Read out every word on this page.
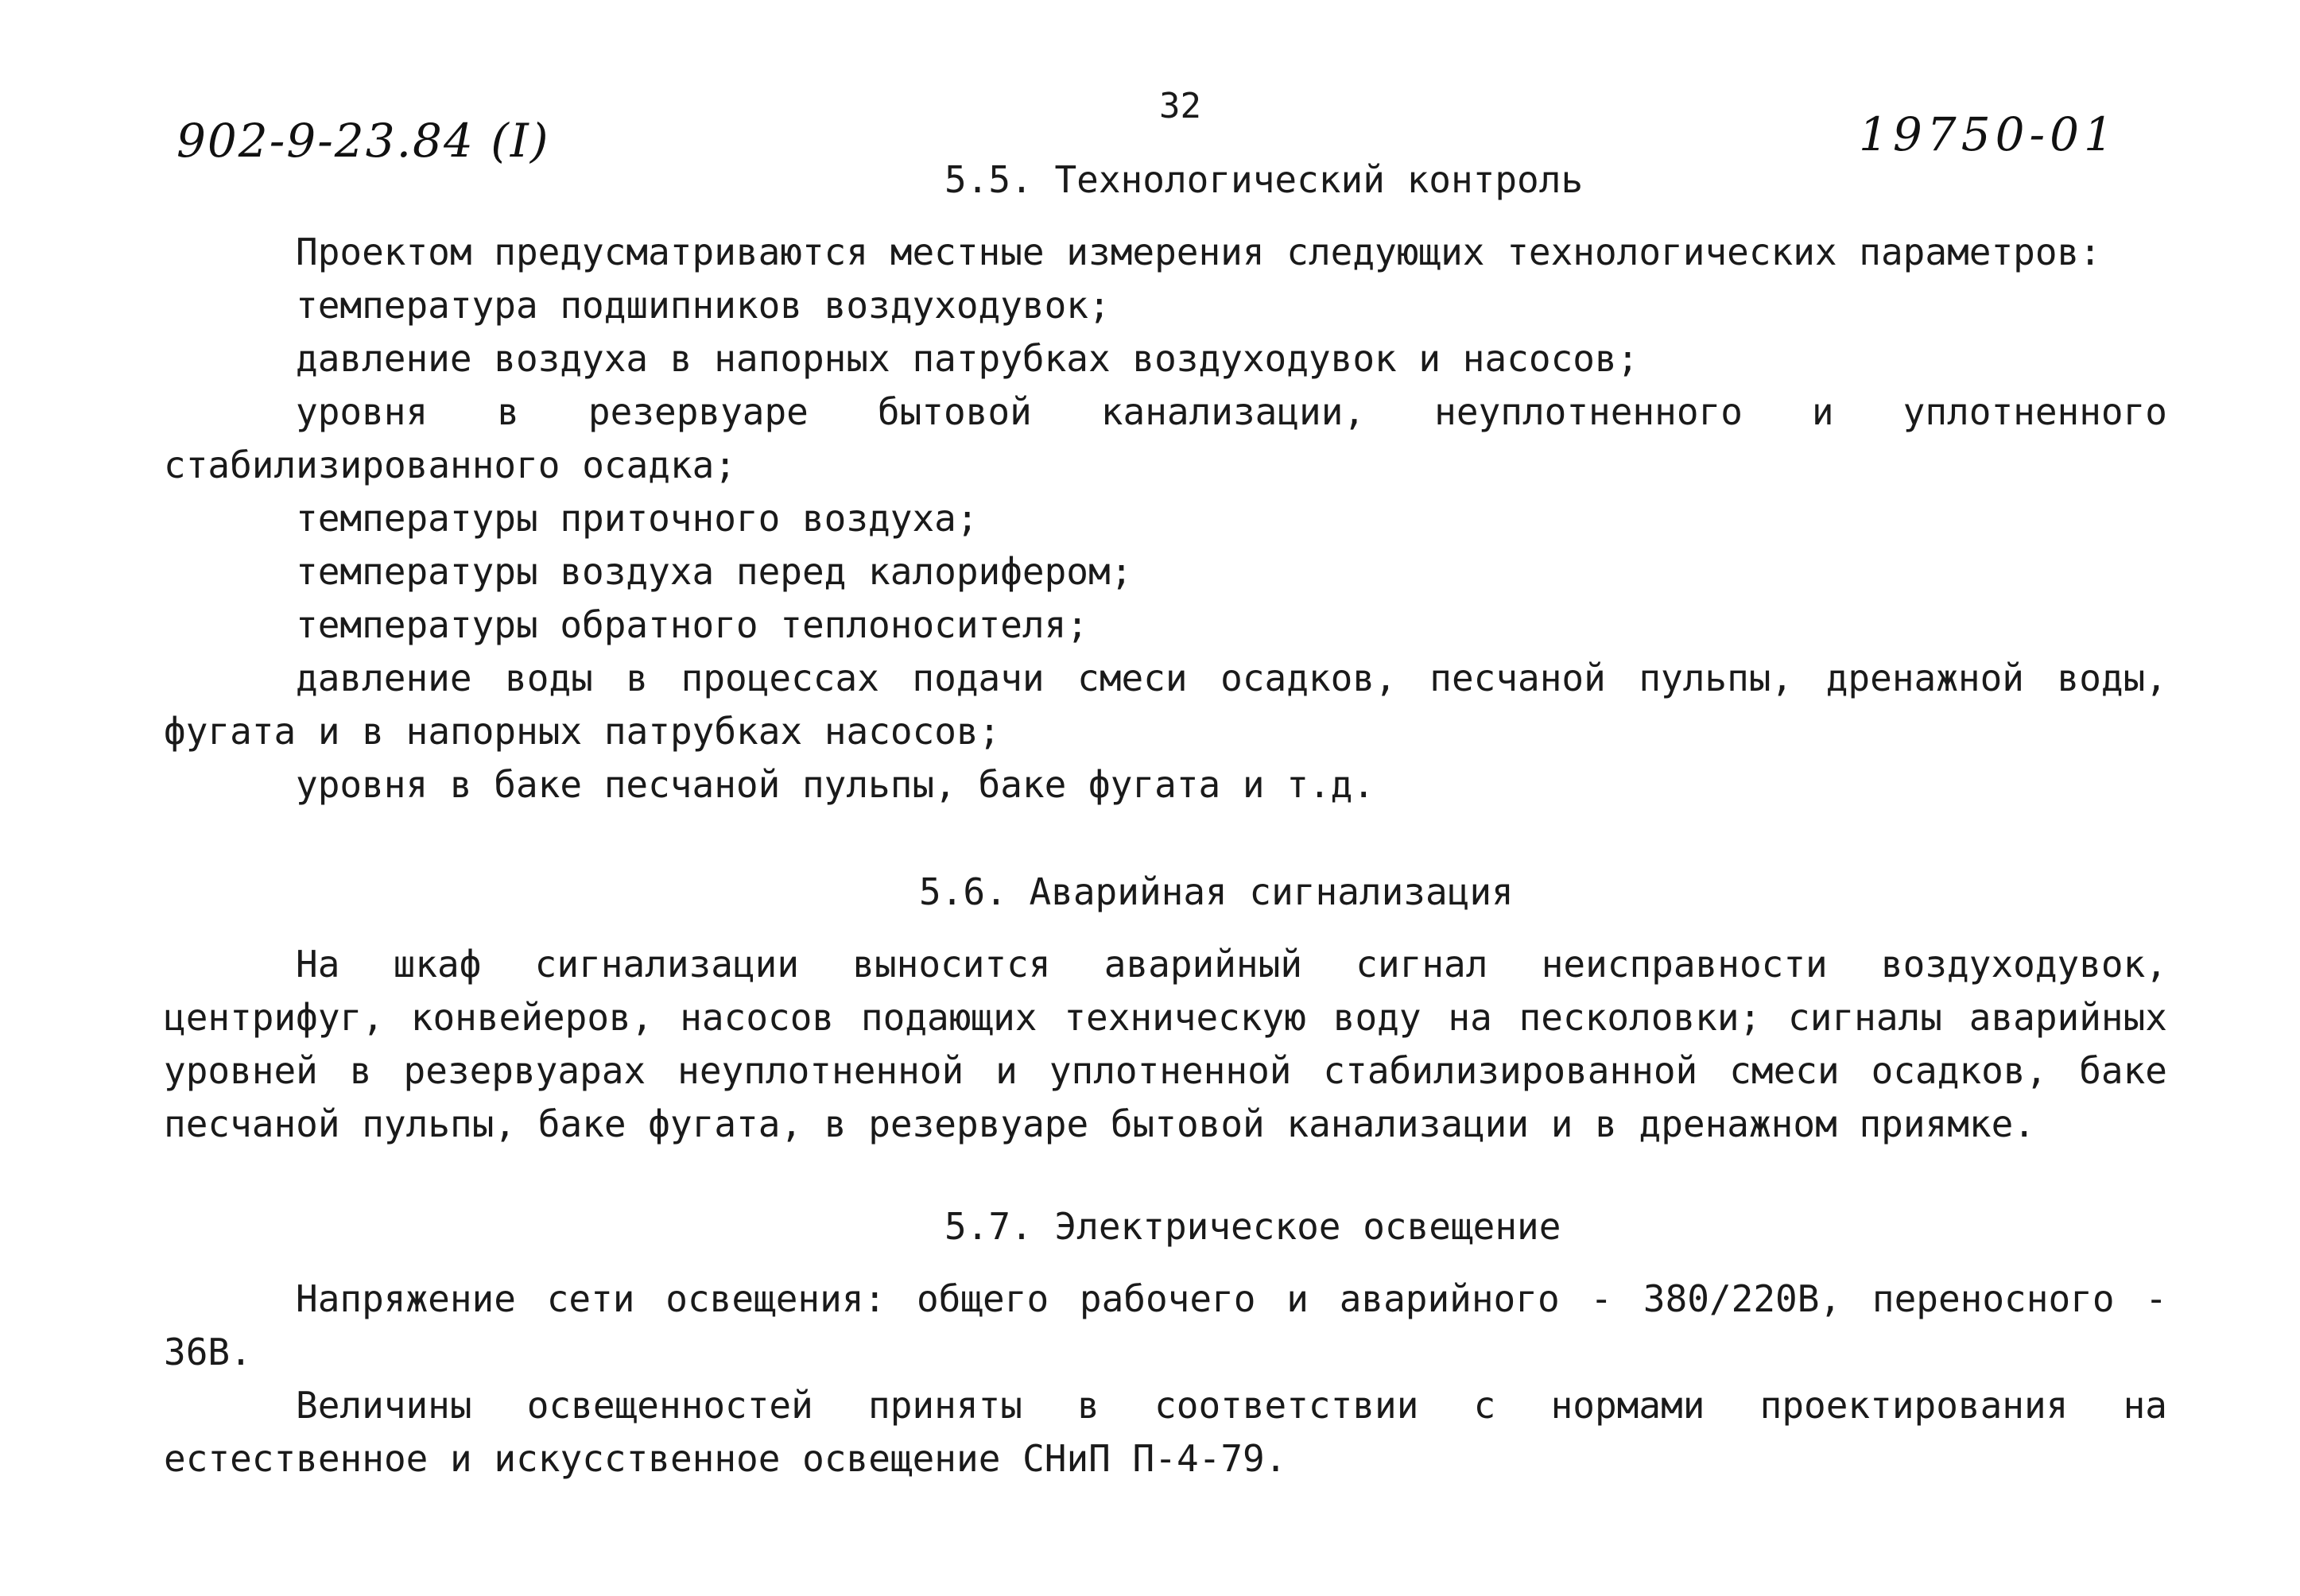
902-9-23.84 (I)
32
19750-01
5.5. Технологический контроль

Проектом предусматриваются местные измерения следующих технологических параметров:

температура подшипников воздуходувок;

давление воздуха в напорных патрубках воздуходувок и насосов;

уровня в резервуаре бытовой канализации, неуплотненного и уплотненного стабилизированного осадка;

температуры приточного воздуха;

температуры воздуха перед калорифером;

температуры обратного теплоносителя;

давление воды в процессах подачи смеси осадков, песчаной пульпы, дренажной воды, фугата и в напорных патрубках насосов;

уровня в баке песчаной пульпы, баке фугата и т.д.

5.6. Аварийная сигнализация

На шкаф сигнализации выносится аварийный сигнал неисправности воздуходувок, центрифуг, конвейеров, насосов подающих техническую воду на песколовки; сигналы аварийных уровней в резервуарах неуплотненной и уплотненной стабилизированной смеси осадков, баке песчаной пульпы, баке фугата, в резервуаре бытовой канализации и в дренажном приямке.

5.7. Электрическое освещение

Напряжение сети освещения: общего рабочего и аварийного - 380/220В, переносного - 36В.

Величины освещенностей приняты в соответствии с нормами проектирования на естественное и искусственное освещение СНиП П-4-79.
